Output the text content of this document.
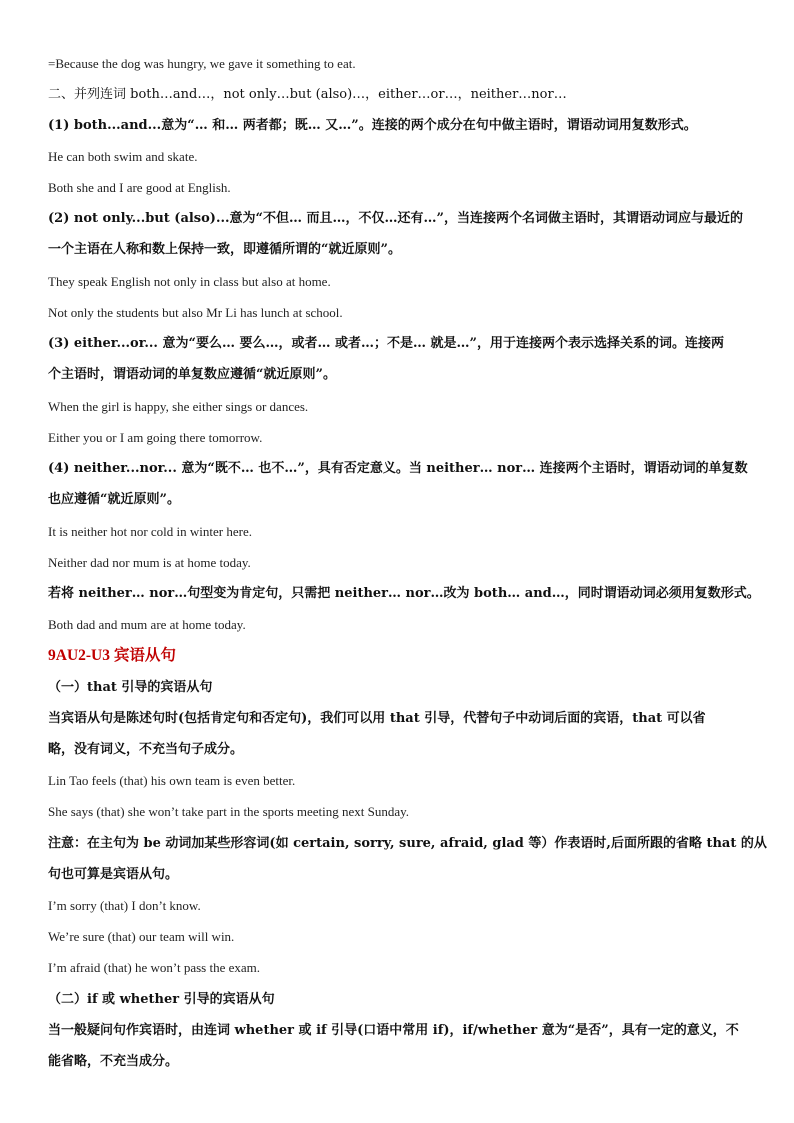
=Because the dog was hungry, we gave it something to eat.
二、并列连词 both…and…，not only…but (also)…，either…or…，neither…nor…
(1) both...and...意为“… 和… 两者都；既… 又…”。连接的两个成分在句中做主语时，谓语动词用复数形式。
He can both swim and skate.
Both she and I are good at English.
(2) not only...but (also)...意为“不但… 而且…，不仅…还有…”，当连接两个名词做主语时，其谓语动词应与最近的
一个主语在人称和数上保持一致，即遵循所谓的“就近原则”。
They speak English not only in class but also at home.
Not only the students but also Mr Li has lunch at school.
(3) either...or... 意为“要么… 要么…，或者… 或者…；不是… 就是…”，用于连接两个表示选择关系的词。连接两
个主语时，谓语动词的单复数应遵循“就近原则”。
When the girl is happy, she either sings or dances.
Either you or I am going there tomorrow.
(4) neither...nor... 意为“既不… 也不…”，具有否定意义。当 neither… nor… 连接两个主语时，谓语动词的单复数
也应遵循“就近原则”。
It is neither hot nor cold in winter here.
Neither dad nor mum is at home today.
若将 neither… nor…句型变为肯定句，只需把 neither… nor…改为 both… and…，同时谓语动词必须用复数形式。
Both dad and mum are at home today.
9AU2-U3 宾语从句
（一）that 引导的宾语从句
当宾语从句是陈述句时(包括肯定句和否定句)，我们可以用 that 引导，代替句子中动词后面的宾语，that 可以省
略，没有词义，不充当句子成分。
Lin Tao feels (that) his own team is even better.
She says (that) she won’t take part in the sports meeting next Sunday.
注意：在主句为 be 动词加某些形容词(如 certain, sorry, sure, afraid, glad 等）作表语时,后面所跟的省略 that 的从
句也可算是宾语从句。
I’m sorry (that) I don’t know.
We’re sure (that) our team will win.
I’m afraid (that) he won’t pass the exam.
（二）if 或 whether 引导的宾语从句
当一般疑问句作宾语时，由连词 whether 或 if 引导(口语中常用 if)，if/whether 意为“是否”，具有一定的意义，不
能省略，不充当成分。
